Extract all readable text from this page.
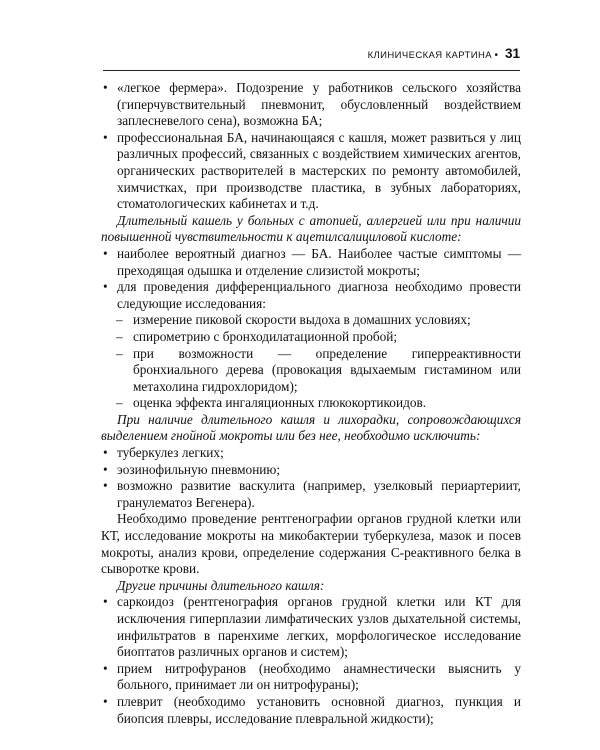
КЛИНИЧЕСКАЯ КАРТИНА • 31

• «легкое фермера». Подозрение у работников сельского хозяйства (гиперчувствительный пневмонит, обусловленный воздействием заплесневелого сена), возможна БА;

• профессиональная БА, начинающаяся с кашля, может развиться у лиц различных профессий, связанных с воздействием химических агентов, органических растворителей в мастерских по ремонту автомобилей, химчистках, при производстве пластика, в зубных лабораториях, стоматологических кабинетах и т.д.

Длительный кашель у больных с атопией, аллергией или при наличии повышенной чувствительности к ацетилсалициловой кислоте:

• наиболее вероятный диагноз — БА. Наиболее частые симптомы — преходящая одышка и отделение слизистой мокроты;

• для проведения дифференциального диагноза необходимо провести следующие исследования:

– измерение пиковой скорости выдоха в домашних условиях;

– спирометрию с бронходилатационной пробой;

– при возможности — определение гиперреактивности бронхиального дерева (провокация вдыхаемым гистамином или метахолина гидрохлоридом);

– оценка эффекта ингаляционных глюкокортикоидов.

При наличие длительного кашля и лихорадки, сопровождающихся выделением гнойной мокроты или без нее, необходимо исключить:

• туберкулез легких;

• эозинофильную пневмонию;

• возможно развитие васкулита (например, узелковый периартериит, гранулематоз Вегенера).

Необходимо проведение рентгенографии органов грудной клетки или КТ, исследование мокроты на микобактерии туберкулеза, мазок и посев мокроты, анализ крови, определение содержания С-реактивного белка в сыворотке крови.

Другие причины длительного кашля:

• саркоидоз (рентгенография органов грудной клетки или КТ для исключения гиперплазии лимфатических узлов дыхательной системы, инфильтратов в паренхиме легких, морфологическое исследование биоптатов различных органов и систем);

• прием нитрофуранов (необходимо анамнестически выяснить у больного, принимает ли он нитрофураны);

• плеврит (необходимо установить основной диагноз, пункция и биопсия плевры, исследование плевральной жидкости);
